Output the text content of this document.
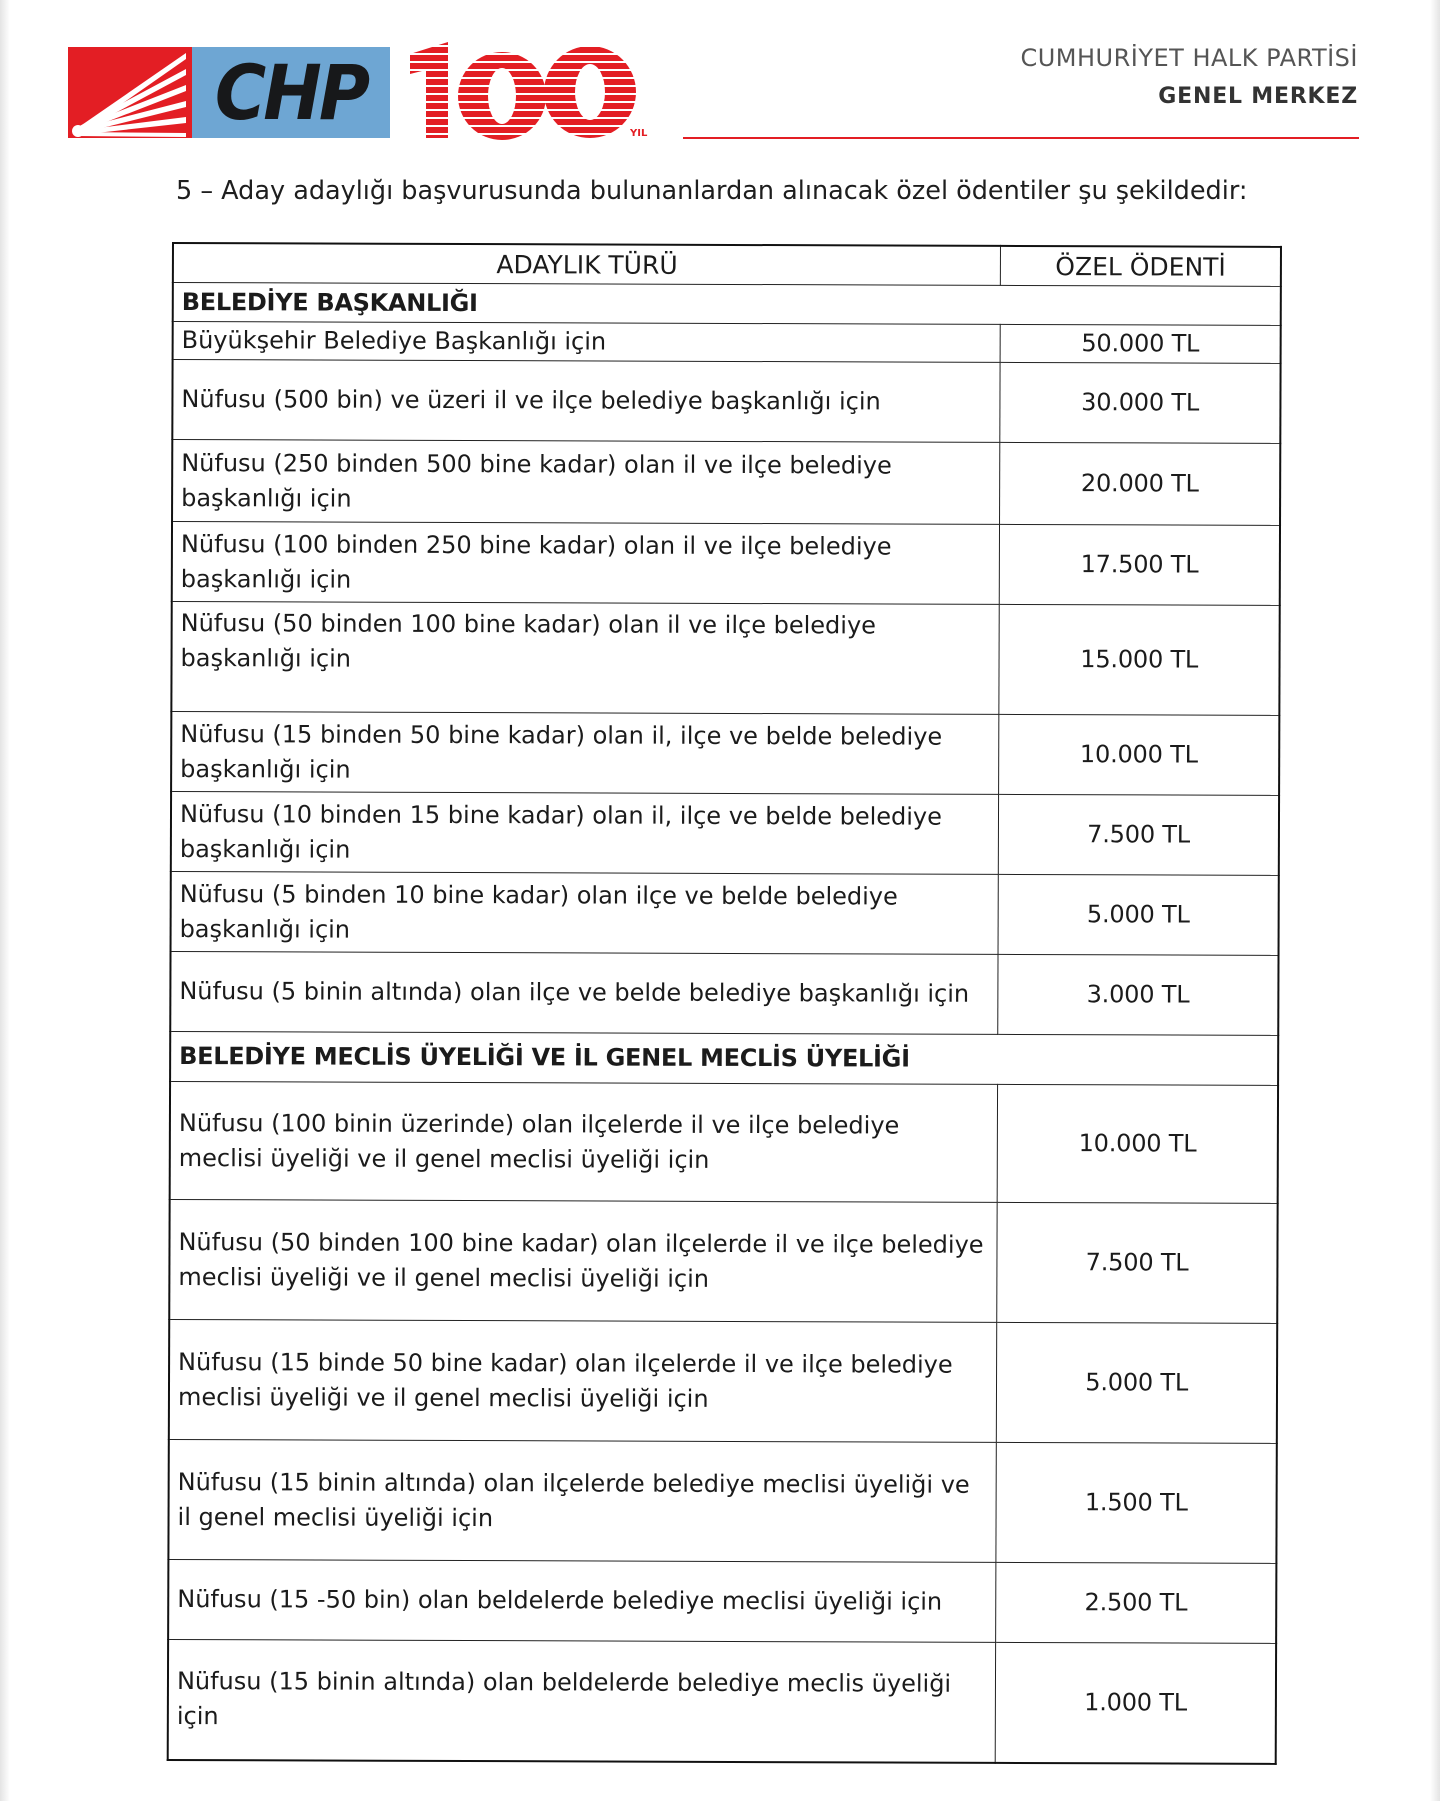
CHP	YIL
CUMHURİYET HALK PARTİSİ
GENEL MERKEZ
5 – Aday adaylığı başvurusunda bulunanlardan alınacak özel ödentiler şu şekildedir:
ADAYLIK TÜRÜ	ÖZEL ÖDENTİ
BELEDİYE BAŞKANLIĞI	
Büyükşehir Belediye Başkanlığı için	50.000 TL
Nüfusu (500 bin) ve üzeri il ve ilçe belediye başkanlığı için	30.000 TL
Nüfusu (250 binden 500 bine kadar) olan il ve ilçe belediye başkanlığı için	20.000 TL
Nüfusu (100 binden 250 bine kadar) olan il ve ilçe belediye başkanlığı için	17.500 TL
Nüfusu (50 binden 100 bine kadar) olan il ve ilçe belediye başkanlığı için	15.000 TL
Nüfusu (15 binden 50 bine kadar) olan il, ilçe ve belde belediye başkanlığı için	10.000 TL
Nüfusu (10 binden 15 bine kadar) olan il, ilçe ve belde belediye başkanlığı için	7.500 TL
Nüfusu (5 binden 10 bine kadar) olan ilçe ve belde belediye başkanlığı için	5.000 TL
Nüfusu (5 binin altında) olan ilçe ve belde belediye başkanlığı için	3.000 TL
BELEDİYE MECLİS ÜYELİĞİ VE İL GENEL MECLİS ÜYELİĞİ	
Nüfusu (100 binin üzerinde) olan ilçelerde il ve ilçe belediye meclisi üyeliği ve il genel meclisi üyeliği için	10.000 TL
Nüfusu (50 binden 100 bine kadar) olan ilçelerde il ve ilçe belediye meclisi üyeliği ve il genel meclisi üyeliği için	7.500 TL
Nüfusu (15 binde 50 bine kadar) olan ilçelerde il ve ilçe belediye meclisi üyeliği ve il genel meclisi üyeliği için	5.000 TL
Nüfusu (15 binin altında) olan ilçelerde belediye meclisi üyeliği ve il genel meclisi üyeliği için	1.500 TL
Nüfusu (15 -50 bin) olan beldelerde belediye meclisi üyeliği için	2.500 TL
Nüfusu (15 binin altında) olan beldelerde belediye meclis üyeliği için	1.000 TL
